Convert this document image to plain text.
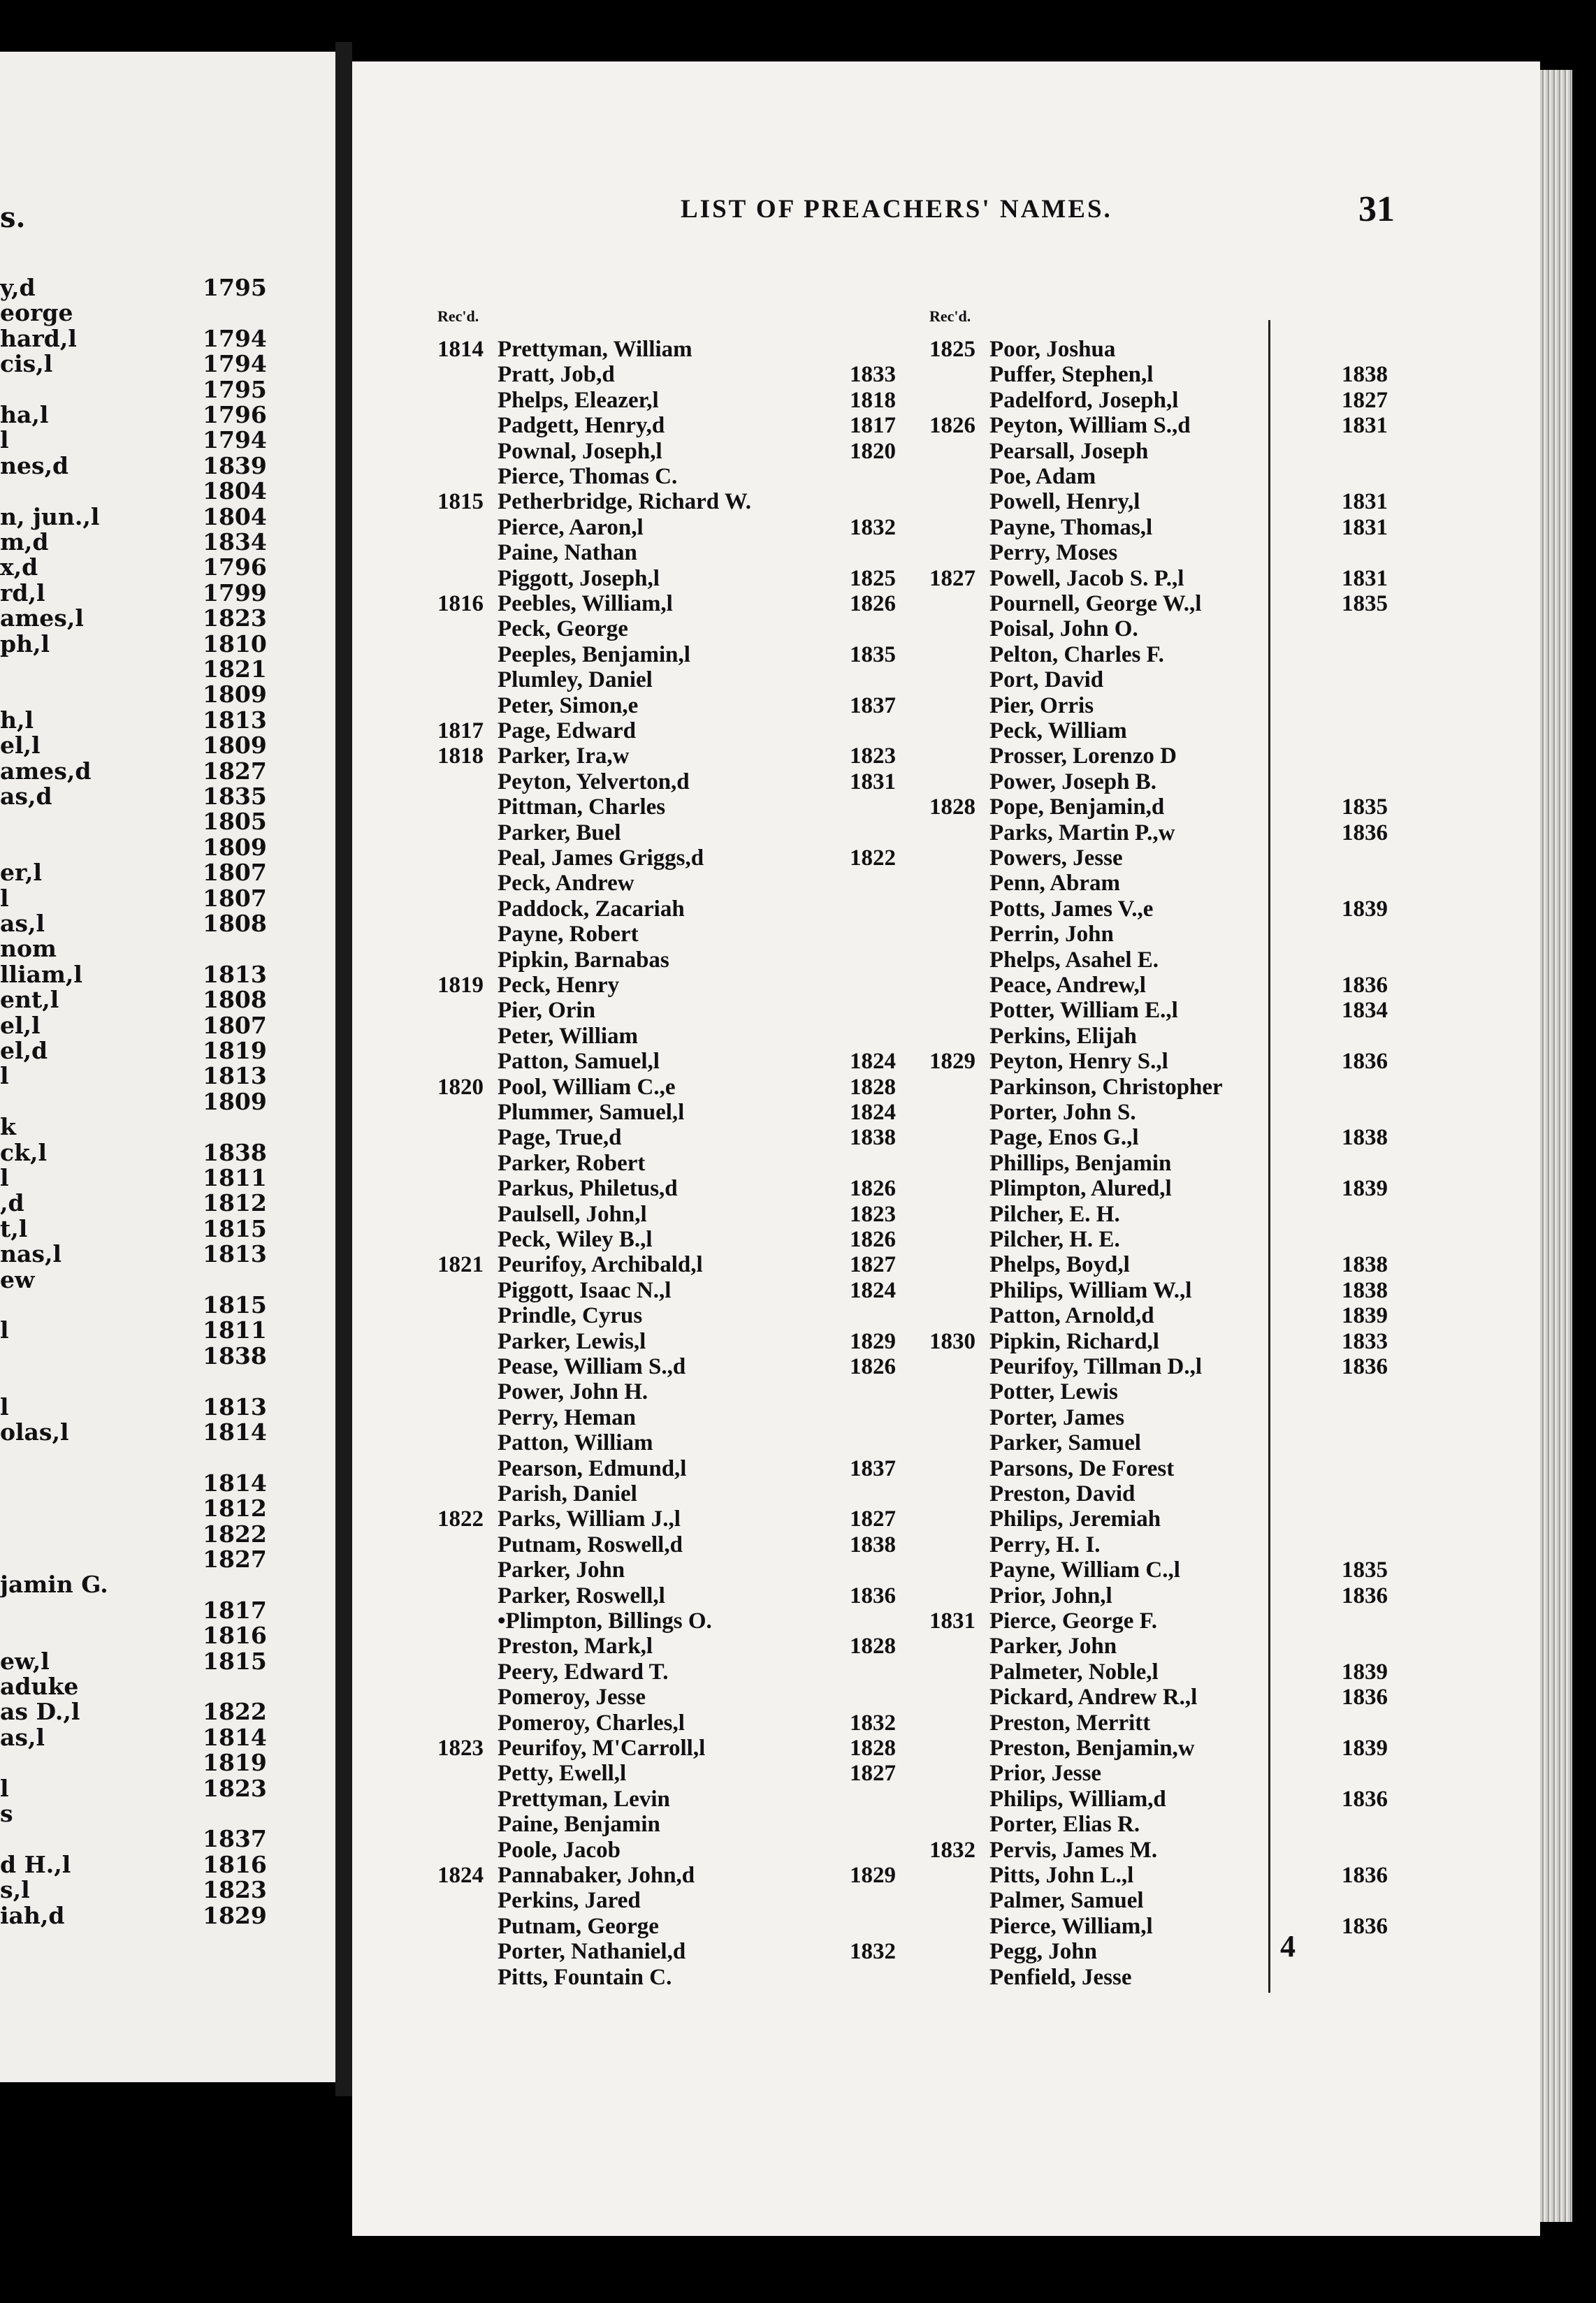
s.
y,d	1795
eorge
hard,l	1794
cis,l	1794
1795
ha,l	1796
l	1794
nes,d	1839
1804
n, jun.,l	1804
m,d	1834
x,d	1796
rd,l	1799
ames,l	1823
ph,l	1810
1821
1809
h,l	1813
el,l	1809
ames,d	1827
as,d	1835
1805
1809
er,l	1807
l	1807
as,l	1808
nom
lliam,l	1813
ent,l	1808
el,l	1807
el,d	1819
l	1813
1809
k
ck,l	1838
l	1811
,d	1812
t,l	1815
nas,l	1813
ew
1815
l	1811
1838
l	1813
olas,l	1814
1814
1812
1822
1827
jamin G.
1817
1816
ew,l	1815
aduke
as D.,l	1822
as,l	1814
1819
l	1823
s
1837
d H.,l	1816
s,l	1823
iah,d	1829
LIST OF PREACHERS' NAMES.	31
Rec'd.	Rec'd.
1814 Prettyman, William
Pratt, Job,d	1833
Phelps, Eleazer,l	1818
Padgett, Henry,d	1817
Pownal, Joseph,l	1820
Pierce, Thomas C.
1815 Petherbridge, Richard W.
Pierce, Aaron,l	1832
Paine, Nathan
Piggott, Joseph,l	1825
1816 Peebles, William,l	1826
Peck, George
Peeples, Benjamin,l	1835
Plumley, Daniel
Peter, Simon,e	1837
1817 Page, Edward
1818 Parker, Ira,w	1823
Peyton, Yelverton,d	1831
Pittman, Charles
Parker, Buel
Peal, James Griggs,d	1822
Peck, Andrew
Paddock, Zacariah
Payne, Robert
Pipkin, Barnabas
1819 Peck, Henry
Pier, Orin
Peter, William
Patton, Samuel,l	1824
1820 Pool, William C.,e	1828
Plummer, Samuel,l	1824
Page, True,d	1838
Parker, Robert
Parkus, Philetus,d	1826
Paulsell, John,l	1823
Peck, Wiley B.,l	1826
1821 Peurifoy, Archibald,l	1827
Piggott, Isaac N.,l	1824
Prindle, Cyrus
Parker, Lewis,l	1829
Pease, William S.,d	1826
Power, John H.
Perry, Heman
Patton, William
Pearson, Edmund,l	1837
Parish, Daniel
1822 Parks, William J.,l	1827
Putnam, Roswell,d	1838
Parker, John
Parker, Roswell,l	1836
•Plimpton, Billings O.
Preston, Mark,l	1828
Peery, Edward T.
Pomeroy, Jesse
Pomeroy, Charles,l	1832
1823 Peurifoy, M'Carroll,l	1828
Petty, Ewell,l	1827
Prettyman, Levin
Paine, Benjamin
Poole, Jacob
1824 Pannabaker, John,d	1829
Perkins, Jared
Putnam, George
Porter, Nathaniel,d	1832
Pitts, Fountain C.
1825 Poor, Joshua
Puffer, Stephen,l	1838
Padelford, Joseph,l	1827
1826 Peyton, William S.,d	1831
Pearsall, Joseph
Poe, Adam
Powell, Henry,l	1831
Payne, Thomas,l	1831
Perry, Moses
1827 Powell, Jacob S. P.,l	1831
Pournell, George W.,l	1835
Poisal, John O.
Pelton, Charles F.
Port, David
Pier, Orris
Peck, William
Prosser, Lorenzo D
Power, Joseph B.
1828 Pope, Benjamin,d	1835
Parks, Martin P.,w	1836
Powers, Jesse
Penn, Abram
Potts, James V.,e	1839
Perrin, John
Phelps, Asahel E.
Peace, Andrew,l	1836
Potter, William E.,l	1834
Perkins, Elijah
1829 Peyton, Henry S.,l	1836
Parkinson, Christopher
Porter, John S.
Page, Enos G.,l	1838
Phillips, Benjamin
Plimpton, Alured,l	1839
Pilcher, E. H.
Pilcher, H. E.
Phelps, Boyd,l	1838
Philips, William W.,l	1838
Patton, Arnold,d	1839
1830 Pipkin, Richard,l	1833
Peurifoy, Tillman D.,l	1836
Potter, Lewis
Porter, James
Parker, Samuel
Parsons, De Forest
Preston, David
Philips, Jeremiah
Perry, H. I.
Payne, William C.,l	1835
Prior, John,l	1836
1831 Pierce, George F.
Parker, John
Palmeter, Noble,l	1839
Pickard, Andrew R.,l	1836
Preston, Merritt
Preston, Benjamin,w	1839
Prior, Jesse
Philips, William,d	1836
Porter, Elias R.
1832 Pervis, James M.
Pitts, John L.,l	1836
Palmer, Samuel
Pierce, William,l	1836
Pegg, John
Penfield, Jesse
4
